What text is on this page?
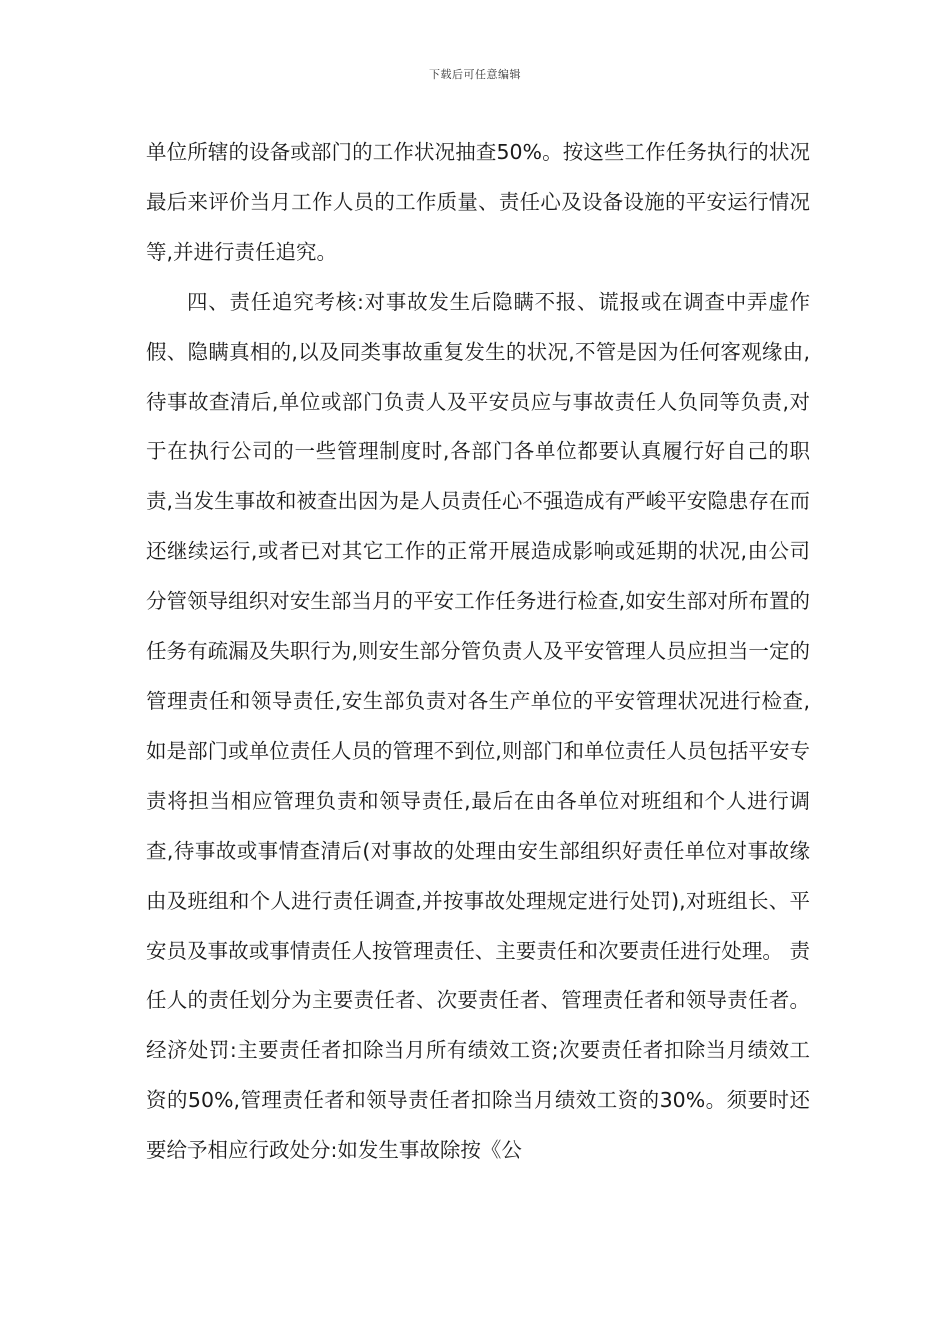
下载后可任意编辑

单位所辖的设备或部门的工作状况抽查50%。按这些工作任务执行的状况最后来评价当月工作人员的工作质量、责任心及设备设施的平安运行情况等,并进行责任追究。

四、责任追究考核:对事故发生后隐瞒不报、谎报或在调查中弄虚作假、隐瞒真相的,以及同类事故重复发生的状况,不管是因为任何客观缘由,待事故查清后,单位或部门负责人及平安员应与事故责任人负同等负责,对于在执行公司的一些管理制度时,各部门各单位都要认真履行好自己的职责,当发生事故和被查出因为是人员责任心不强造成有严峻平安隐患存在而还继续运行,或者已对其它工作的正常开展造成影响或延期的状况,由公司分管领导组织对安生部当月的平安工作任务进行检查,如安生部对所布置的任务有疏漏及失职行为,则安生部分管负责人及平安管理人员应担当一定的管理责任和领导责任,安生部负责对各生产单位的平安管理状况进行检查,如是部门或单位责任人员的管理不到位,则部门和单位责任人员包括平安专责将担当相应管理负责和领导责任,最后在由各单位对班组和个人进行调查,待事故或事情查清后(对事故的处理由安生部组织好责任单位对事故缘由及班组和个人进行责任调查,并按事故处理规定进行处罚),对班组长、平安员及事故或事情责任人按管理责任、主要责任和次要责任进行处理。 责任人的责任划分为主要责任者、次要责任者、管理责任者和领导责任者。经济处罚:主要责任者扣除当月所有绩效工资;次要责任者扣除当月绩效工资的50%,管理责任者和领导责任者扣除当月绩效工资的30%。须要时还要给予相应行政处分:如发生事故除按《公
